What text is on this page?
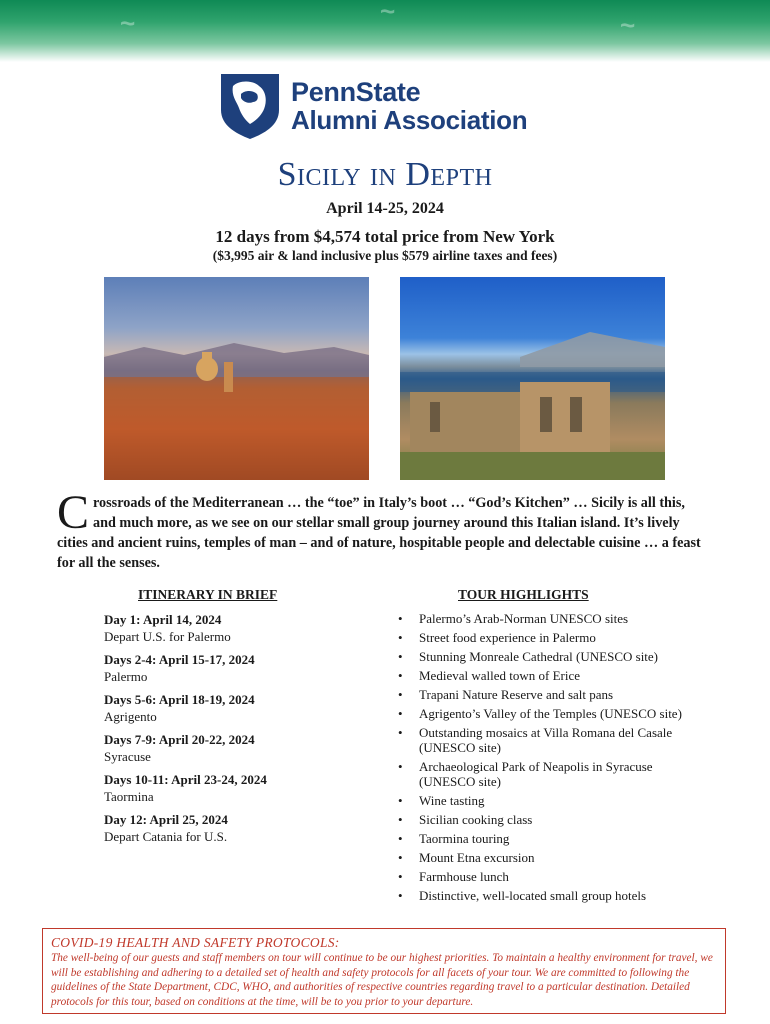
~	~	~
PennState
Alumni Association
Sicily in Depth
April 14-25, 2024
12 days from $4,574 total price from New York
($3,995 air & land inclusive plus $579 airline taxes and fees)
Crossroads of the Mediterranean … the “toe” in Italy’s boot … “God’s Kitchen” … Sicily is all this, and much more, as we see on our stellar small group journey around this Italian island. It’s lively cities and ancient ruins, temples of man – and of nature, hospitable people and delectable cuisine … a feast for all the senses.
ITINERARY IN BRIEF	TOUR HIGHLIGHTS
Day 1: April 14, 2024
Depart U.S. for Palermo
Days 2-4: April 15-17, 2024
Palermo
Days 5-6: April 18-19, 2024
Agrigento
Days 7-9: April 20-22, 2024
Syracuse
Days 10-11: April 23-24, 2024
Taormina
Day 12: April 25, 2024
Depart Catania for U.S.
• Palermo’s Arab-Norman UNESCO sites
• Street food experience in Palermo
• Stunning Monreale Cathedral (UNESCO site)
• Medieval walled town of Erice
• Trapani Nature Reserve and salt pans
• Agrigento’s Valley of the Temples (UNESCO site)
• Outstanding mosaics at Villa Romana del Casale (UNESCO site)
• Archaeological Park of Neapolis in Syracuse (UNESCO site)
• Wine tasting
• Sicilian cooking class
• Taormina touring
• Mount Etna excursion
• Farmhouse lunch
• Distinctive, well-located small group hotels
COVID-19 HEALTH AND SAFETY PROTOCOLS:
The well-being of our guests and staff members on tour will continue to be our highest priorities. To maintain a healthy environment for travel, we will be establishing and adhering to a detailed set of health and safety protocols for all facets of your tour. We are committed to following the guidelines of the State Department, CDC, WHO, and authorities of respective countries regarding travel to a particular destination. Detailed protocols for this tour, based on conditions at the time, will be to you prior to your departure.
